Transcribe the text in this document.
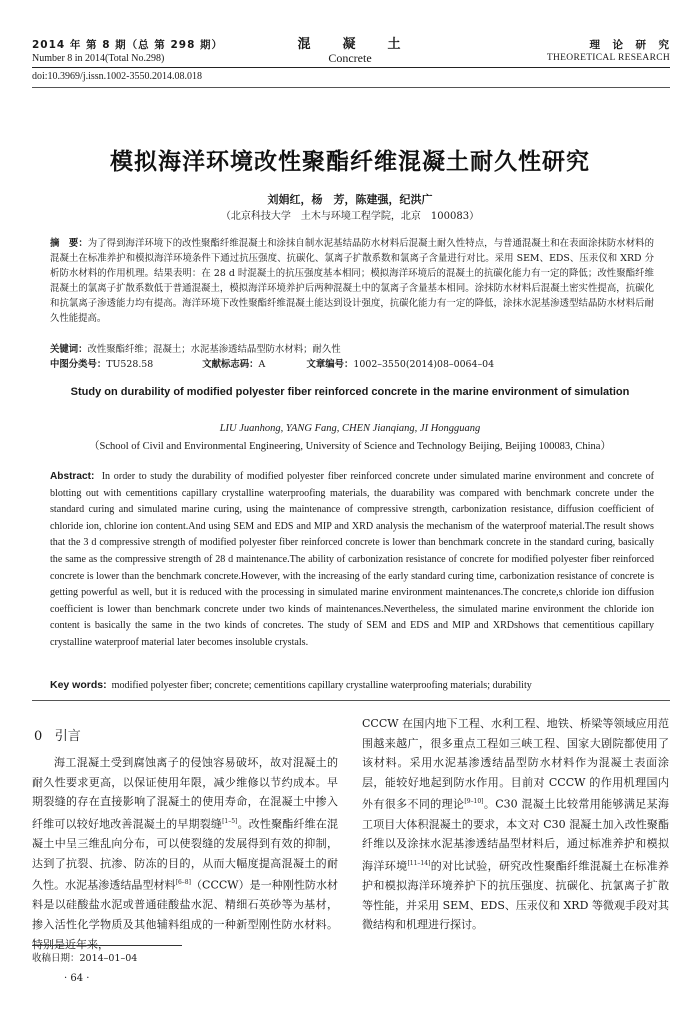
2014 年 第 8 期（总 第 298 期）
Number 8 in 2014(Total No.298)
混　　凝　　土
Concrete
理　论　研　究
THEORETICAL RESEARCH
doi:10.3969/j.issn.1002-3550.2014.08.018
模拟海洋环境改性聚酯纤维混凝土耐久性研究
刘娟红，杨　芳，陈建强，纪洪广
（北京科技大学　土木与环境工程学院，北京　100083）
摘　要：为了得到海洋环境下的改性聚酯纤维混凝土和涂抹自制水泥基结晶防水材料后混凝土耐久性特点，与普通混凝土和在表面涂抹防水材料的混凝土在标准养护和模拟海洋环境条件下通过抗压强度、抗碳化、氯离子扩散系数和氯离子含量进行对比。采用 SEM、EDS、压汞仪和 XRD 分析防水材料的作用机理。结果表明：在 28 d 时混凝土的抗压强度基本相同；模拟海洋环境后的混凝土的抗碳化能力有一定的降低；改性聚酯纤维混凝土的氯离子扩散系数低于普通混凝土，模拟海洋环境养护后两种混凝土中的氯离子含量基本相同。涂抹防水材料后混凝土密实性提高，抗碳化和抗氯离子渗透能力均有提高。海洋环境下改性聚酯纤维混凝土能达到设计强度，抗碳化能力有一定的降低，涂抹水泥基渗透型结晶防水材料后耐久性能提高。
关键词：改性聚酯纤维；混凝土；水泥基渗透结晶型防水材料；耐久性
中图分类号：TU528.58	文献标志码：A	文章编号：1002–3550(2014)08–0064–04
Study on durability of modified polyester fiber reinforced concrete in the marine environment of simulation
LIU Juanhong, YANG Fang, CHEN Jianqiang, JI Hongguang
（School of Civil and Environmental Engineering, University of Science and Technology Beijing, Beijing 100083, China）
Abstract: In order to study the durability of modified polyester fiber reinforced concrete under simulated marine environment and concrete of blotting out with cementitions capillary crystalline waterproofing materials, the duarability was compared with benchmark concrete under the standard curing and simulated marine curing, using the maintenance of compressive strength, carbonization resistance, diffusion coefficient of chloride ion, chlorine ion content.And using SEM and EDS and MIP and XRD analysis the mechanism of the waterproof material.The result shows that the 3 d compressive strength of modified polyester fiber reinforced concrete is lower than benchmark concrete in the standard curing, basically the same as the compressive strength of 28 d maintenance.The ability of carbonization resistance of concrete for modified polyester fiber reinforced concrete is lower than the benchmark concrete.However, with the increasing of the early standard curing time, carbonization resistance of concrete is getting powerful as well, but it is reduced with the processing in simulated marine environment maintenances.The concrete,s chloride ion diffusion coefficient is lower than benchmark concrete under two kinds of maintenances.Nevertheless, the simulated marine environment the chloride ion content is basically the same in the two kinds of concretes. The study of SEM and EDS and MIP and XRDshows that cementitious capillary crystalline waterproof material later becomes insoluble crystals.
Key words: modified polyester fiber; concrete; cementitions capillary crystalline waterproofing materials; durability
0 引言
海工混凝土受到腐蚀离子的侵蚀容易破坏，故对混凝土的耐久性要求更高，以保证使用年限，减少维修以节约成本。早期裂缝的存在直接影响了混凝土的使用寿命，在混凝土中掺入纤维可以较好地改善混凝土的早期裂缝[1–5]。改性聚酯纤维在混凝土中呈三维乱向分布，可以使裂缝的发展得到有效的抑制，达到了抗裂、抗渗、防冻的目的，从而大幅度提高混凝土的耐久性。水泥基渗透结晶型材料[6–8]（CCCW）是一种刚性防水材料是以硅酸盐水泥或普通硅酸盐水泥、精细石英砂等为基材，掺入活性化学物质及其他辅料组成的一种新型刚性防水材料。特别是近年来，
CCCW 在国内地下工程、水利工程、地铁、桥梁等领域应用范围越来越广，很多重点工程如三峡工程、国家大剧院都使用了该材料。采用水泥基渗透结晶型防水材料作为混凝土表面涂层，能较好地起到防水作用。目前对 CCCW 的作用机理国内外有很多不同的理论[9–10]。C30 混凝土比较常用能够满足某海工项目大体积混凝土的要求，本文对 C30 混凝土加入改性聚酯纤维以及涂抹水泥基渗透结晶型材料后，通过标准养护和模拟海洋环境[11–14]的对比试验，研究改性聚酯纤维混凝土在标准养护和模拟海洋环境养护下的抗压强度、抗碳化、抗氯离子扩散等性能，并采用 SEM、EDS、压汞仪和 XRD 等微观手段对其微结构和机理进行探讨。
收稿日期：2014–01–04
· 64 ·
